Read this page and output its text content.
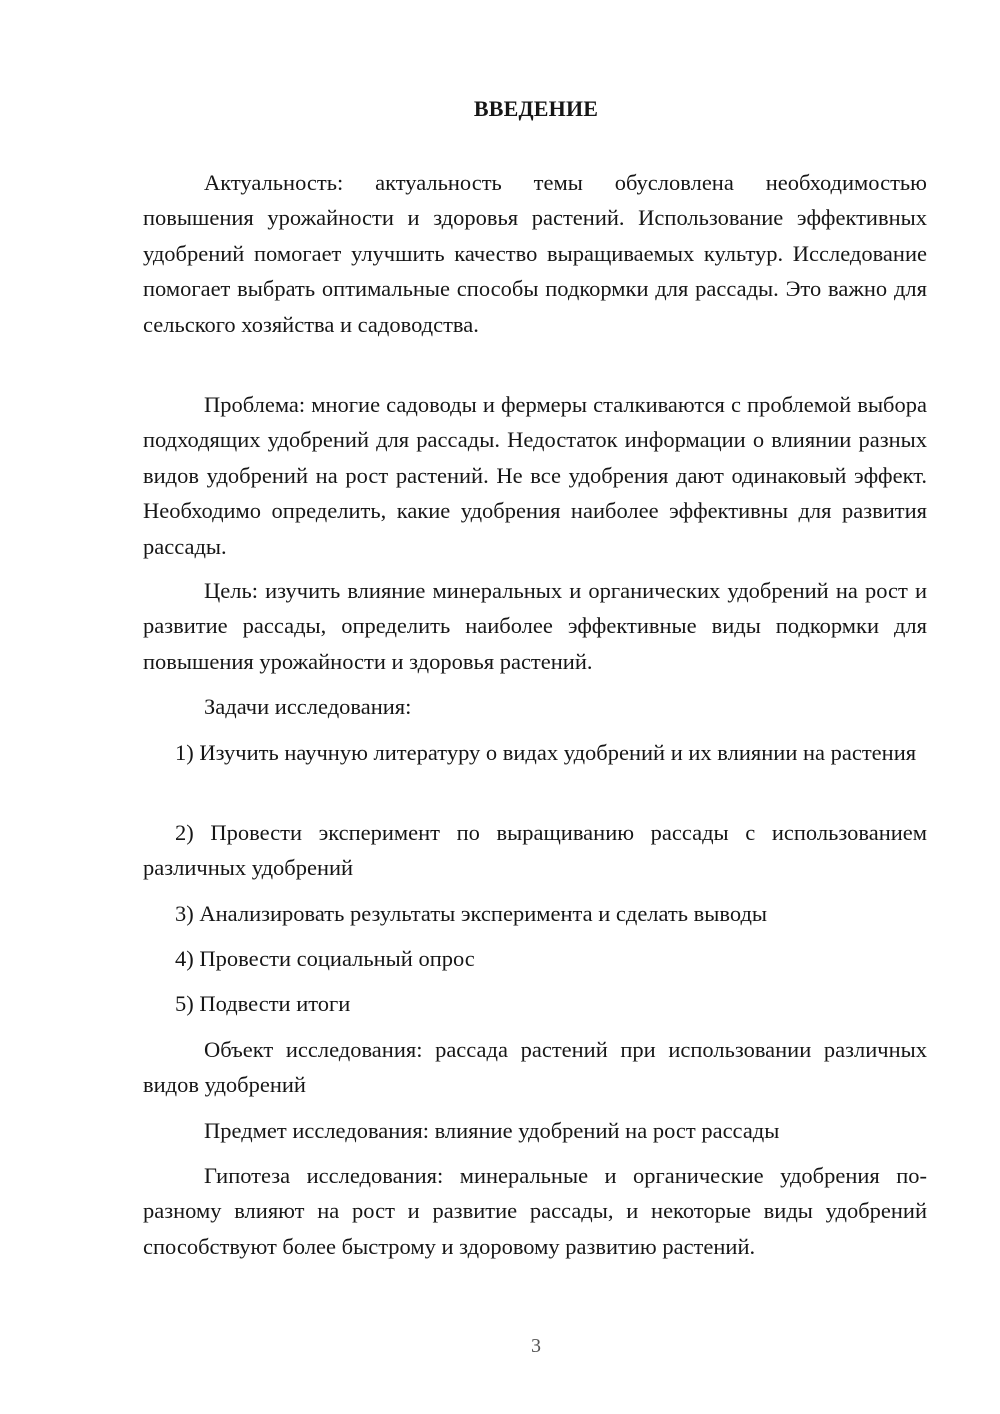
ВВЕДЕНИЕ

Актуальность: актуальность темы обусловлена необходимостью повышения урожайности и здоровья растений. Использование эффективных удобрений помогает улучшить качество выращиваемых культур. Исследование помогает выбрать оптимальные способы подкормки для рассады. Это важно для сельского хозяйства и садоводства.

Проблема: многие садоводы и фермеры сталкиваются с проблемой выбора подходящих удобрений для рассады. Недостаток информации о влиянии разных видов удобрений на рост растений. Не все удобрения дают одинаковый эффект. Необходимо определить, какие удобрения наиболее эффективны для развития рассады.

Цель: изучить влияние минеральных и органических удобрений на рост и развитие рассады, определить наиболее эффективные виды подкормки для повышения урожайности и здоровья растений.

Задачи исследования:

1) Изучить научную литературу о видах удобрений и их влиянии на растения

2) Провести эксперимент по выращиванию рассады с использованием различных удобрений

3) Анализировать результаты эксперимента и сделать выводы

4) Провести социальный опрос

5) Подвести итоги

Объект исследования: рассада растений при использовании различных видов удобрений

Предмет исследования: влияние удобрений на рост рассады

Гипотеза исследования: минеральные и органические удобрения по-разному влияют на рост и развитие рассады, и некоторые виды удобрений способствуют более быстрому и здоровому развитию растений.

3
